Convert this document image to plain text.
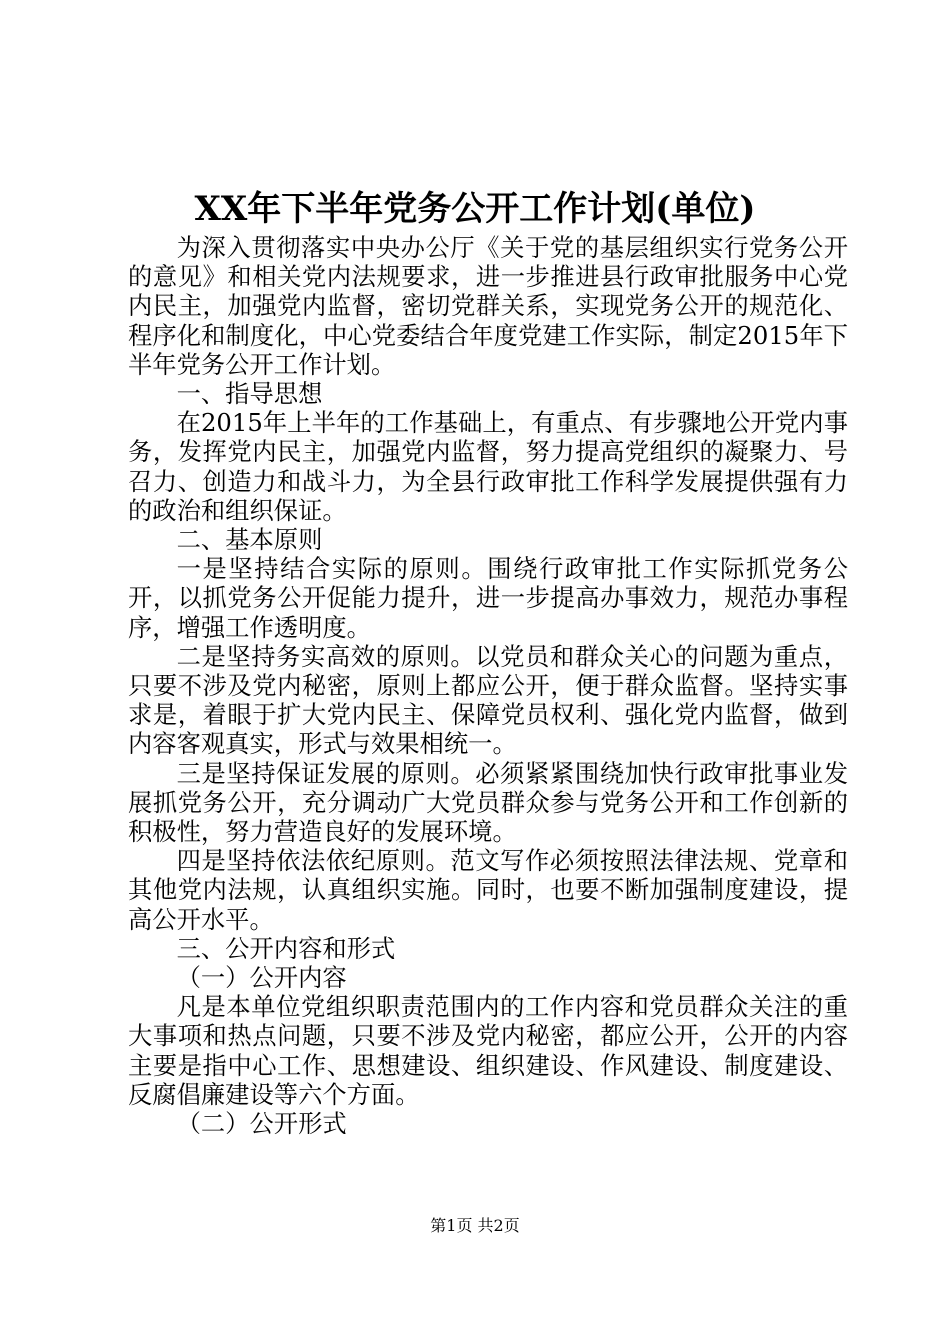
XX年下半年党务公开工作计划(单位)

为深入贯彻落实中央办公厅《关于党的基层组织实行党务公开的意见》和相关党内法规要求，进一步推进县行政审批服务中心党内民主，加强党内监督，密切党群关系，实现党务公开的规范化、程序化和制度化，中心党委结合年度党建工作实际，制定2015年下半年党务公开工作计划。

一、指导思想

在2015年上半年的工作基础上，有重点、有步骤地公开党内事务，发挥党内民主，加强党内监督，努力提高党组织的凝聚力、号召力、创造力和战斗力，为全县行政审批工作科学发展提供强有力的政治和组织保证。

二、基本原则

一是坚持结合实际的原则。围绕行政审批工作实际抓党务公开，以抓党务公开促能力提升，进一步提高办事效力，规范办事程序，增强工作透明度。

二是坚持务实高效的原则。以党员和群众关心的问题为重点，只要不涉及党内秘密，原则上都应公开，便于群众监督。坚持实事求是，着眼于扩大党内民主、保障党员权利、强化党内监督，做到内容客观真实，形式与效果相统一。

三是坚持保证发展的原则。必须紧紧围绕加快行政审批事业发展抓党务公开，充分调动广大党员群众参与党务公开和工作创新的积极性，努力营造良好的发展环境。

四是坚持依法依纪原则。范文写作必须按照法律法规、党章和其他党内法规，认真组织实施。同时，也要不断加强制度建设，提高公开水平。

三、公开内容和形式

（一）公开内容

凡是本单位党组织职责范围内的工作内容和党员群众关注的重大事项和热点问题，只要不涉及党内秘密，都应公开，公开的内容主要是指中心工作、思想建设、组织建设、作风建设、制度建设、反腐倡廉建设等六个方面。

（二）公开形式

第1页 共2页
